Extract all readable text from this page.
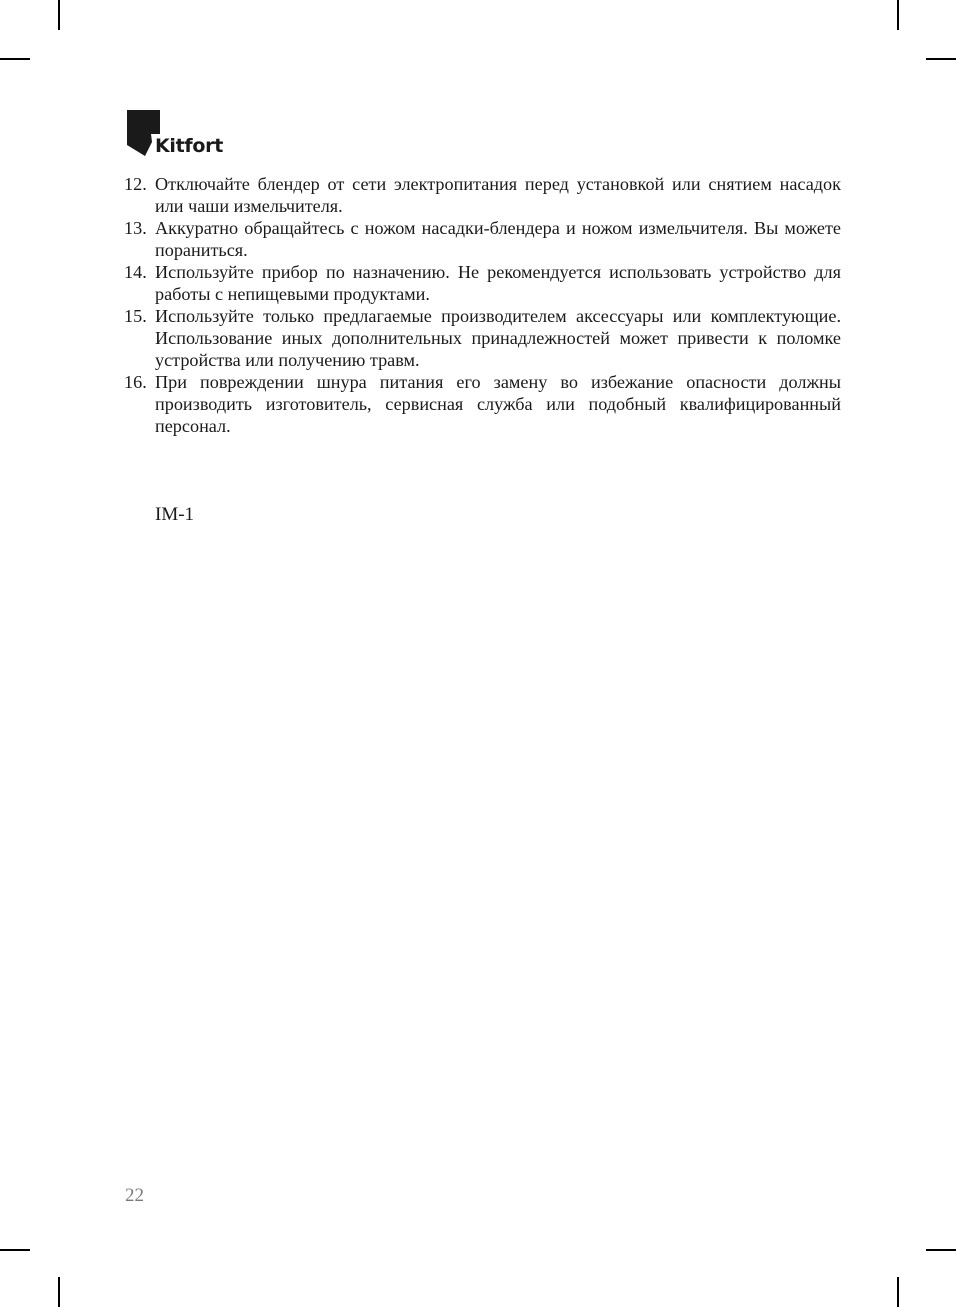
Kitfort
12. Отключайте блендер от сети электропитания перед установкой или снятием насадок или чаши измельчителя.
13. Аккуратно обращайтесь с ножом насадки-блендера и ножом измельчителя. Вы можете пораниться.
14. Используйте прибор по назначению. Не рекомендуется использовать устройство для работы с непищевыми продуктами.
15. Используйте только предлагаемые производителем аксессуары или комплектующие. Использование иных дополнительных принадлежностей может привести к поломке устройства или получению травм.
16. При повреждении шнура питания его замену во избежание опасности должны производить изготовитель, сервисная служба или подобный квалифицированный персонал.
IM-1
22
